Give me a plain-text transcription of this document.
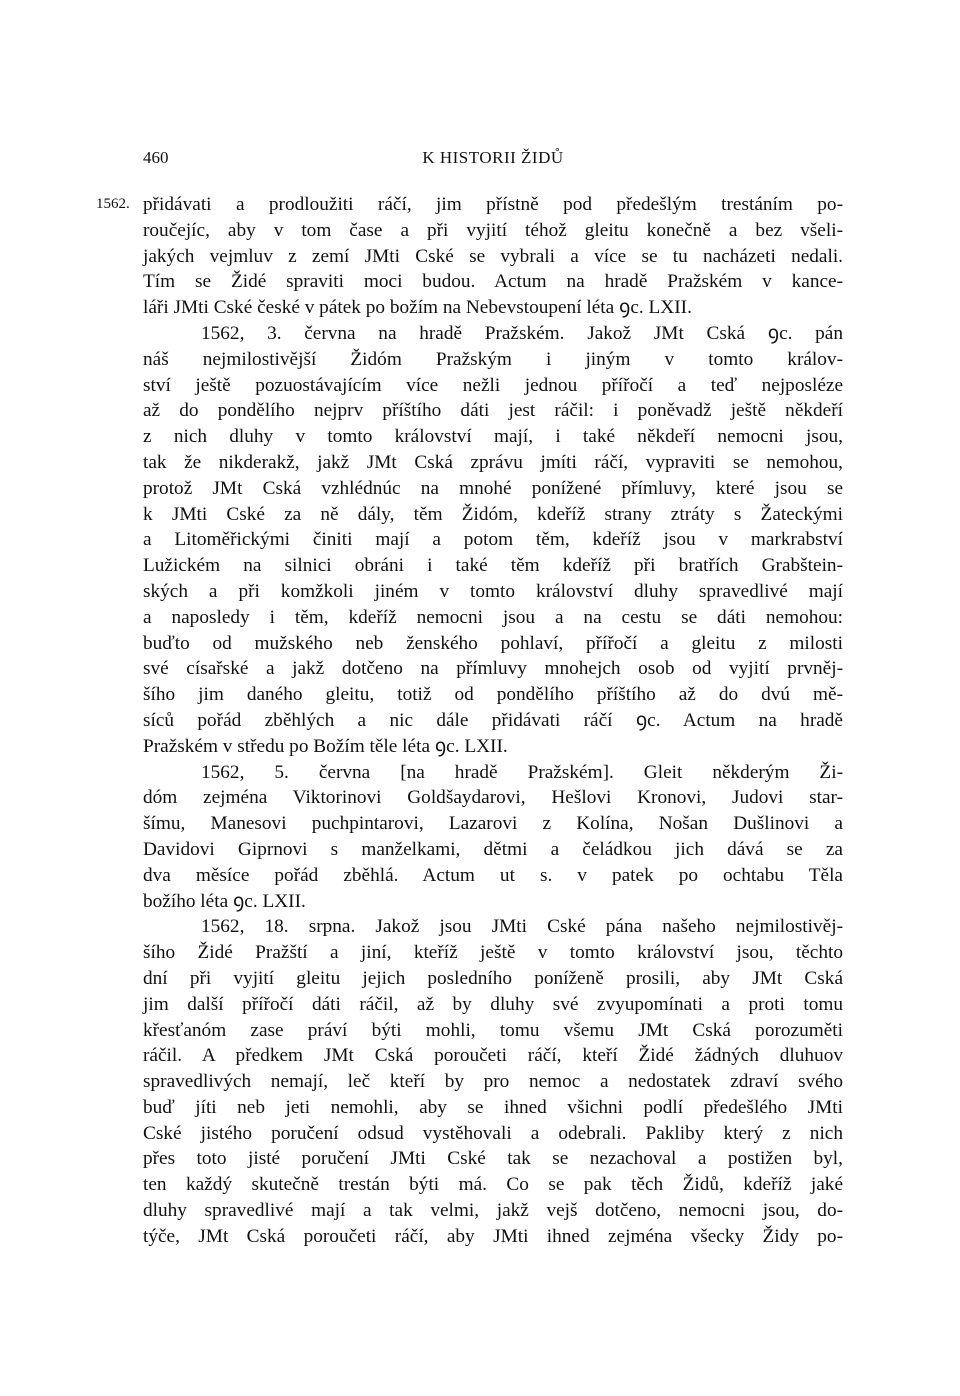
460	K HISTORII ŽIDŮ
1562. přidávati a prodloužiti ráčí, jim přístně pod předešlým trestáním po-
roučejíc, aby v tom čase a při vyjití téhož gleitu konečně a bez všeli-
jakých vejmluv z zemí JMti Cské se vybrali a více se tu nacházeti nedali.
Tím se Židé spraviti moci budou. Actum na hradě Pražském v kance-
láři JMti Cské české v pátek po božím na Nebevstoupení léta ꝯc. LXII.
1562, 3. června na hradě Pražském. Jakož JMt Cská ꝯc. pán
náš nejmilostivější Židóm Pražským i jiným v tomto králov-
ství ještě pozuostávajícím více nežli jednou přířočí a teď nejposléze
až do pondělího nejprv příštího dáti jest ráčil: i poněvadž ještě někdeří
z nich dluhy v tomto království mají, i také někdeří nemocni jsou,
tak že nikderakž, jakž JMt Cská zprávu jmíti ráčí, vypraviti se nemohou,
protož JMt Cská vzhlédnúc na mnohé ponížené přímluvy, které jsou se
k JMti Cské za ně dály, těm Židóm, kdeříž strany ztráty s Žateckými
a Litoměřickými činiti mají a potom těm, kdeříž jsou v markrabství
Lužickém na silnici obráni i také těm kdeříž při bratřích Grabštein-
ských a při komžkoli jiném v tomto království dluhy spravedlivé mají
a naposledy i těm, kdeříž nemocni jsou a na cestu se dáti nemohou:
buďto od mužského neb ženského pohlaví, přířočí a gleitu z milosti
své císařské a jakž dotčeno na přímluvy mnohejch osob od vyjití prvněj-
šího jim daného gleitu, totiž od pondělího příštího až do dvú mě-
síců pořád zběhlých a nic dále přidávati ráčí ꝯc. Actum na hradě
Pražském v středu po Božím těle léta ꝯc. LXII.
1562, 5. června [na hradě Pražském]. Gleit někderým Ži-
dóm zejména Viktorinovi Goldšaydarovi, Hešlovi Kronovi, Judovi star-
šímu, Manesovi puchpintarovi, Lazarovi z Kolína, Nošan Dušlinovi a
Davidovi Giprnovi s manželkami, dětmi a čeládkou jich dává se za
dva měsíce pořád zběhlá. Actum ut s. v patek po ochtabu Těla
božího léta ꝯc. LXII.
1562, 18. srpna. Jakož jsou JMti Cské pána našeho nejmilostivěj-
šího Židé Pražští a jiní, kteříž ještě v tomto království jsou, těchto
dní při vyjití gleitu jejich posledního poníženě prosili, aby JMt Cská
jim další přířočí dáti ráčil, až by dluhy své zvyupomínati a proti tomu
křesťanóm zase práví býti mohli, tomu všemu JMt Cská porozuměti
ráčil. A předkem JMt Cská poroučeti ráčí, kteří Židé žádných dluhuov
spravedlivých nemají, leč kteří by pro nemoc a nedostatek zdraví svého
buď jíti neb jeti nemohli, aby se ihned všichni podlí předešlého JMti
Cské jistého poručení odsud vystěhovali a odebrali. Pakliby který z nich
přes toto jisté poručení JMti Cské tak se nezachoval a postižen byl,
ten každý skutečně trestán býti má. Co se pak těch Židů, kdeříž jaké
dluhy spravedlivé mají a tak velmi, jakž vejš dotčeno, nemocni jsou, do-
týče, JMt Cská poroučeti ráčí, aby JMti ihned zejména všecky Židy po-
